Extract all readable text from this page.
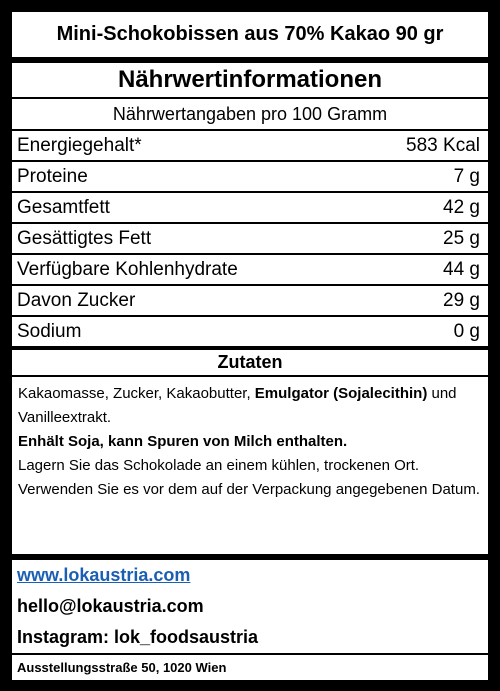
Mini-Schokobissen aus 70% Kakao 90 gr
Nährwertinformationen
Nährwertangaben pro 100 Gramm
Energiegehalt*	583 Kcal
Proteine	7 g
Gesamtfett	42 g
Gesättigtes Fett	25 g
Verfügbare Kohlenhydrate	44 g
Davon Zucker	29 g
Sodium	0 g
Zutaten
Kakaomasse, Zucker, Kakaobutter, Emulgator (Sojalecithin) und Vanilleextrakt.
Enhält Soja, kann Spuren von Milch enthalten.
Lagern Sie das Schokolade an einem kühlen, trockenen Ort.
Verwenden Sie es vor dem auf der Verpackung angegebenen Datum.
www.lokaustria.com
hello@lokaustria.com
Instagram: lok_foodsaustria
Ausstellungsstraße 50, 1020 Wien
